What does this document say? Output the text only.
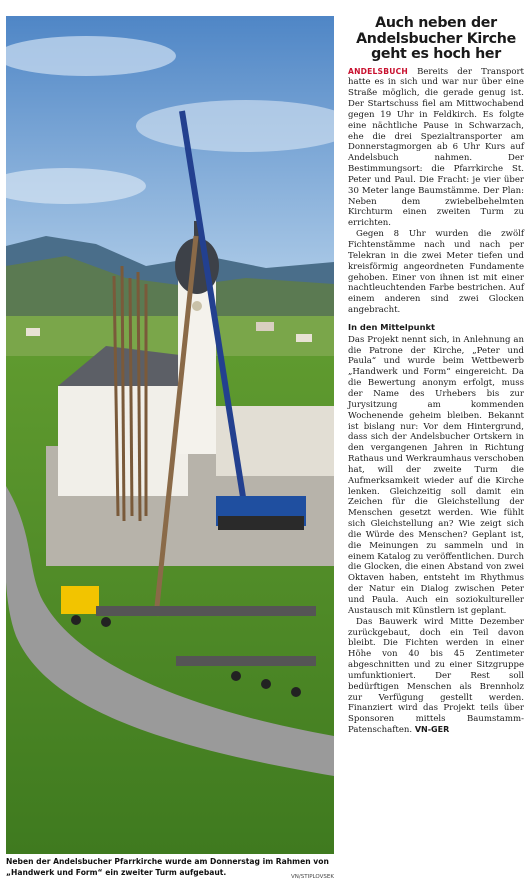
Neben der Andelsbucher Pfarrkirche wurde am Donnerstag im Rahmen von „Handwerk und Form“ ein zweiter Turm aufgebaut.	VN/STIPLOVSEK
Auch neben der Andelsbucher Kirche geht es hoch her

ANDELSBUCH Bereits der Transport hatte es in sich und war nur über eine Straße möglich, die gerade genug ist. Der Startschuss fiel am Mittwochabend gegen 19 Uhr in Feldkirch. Es folgte eine nächtliche Pause in Schwarzach, ehe die drei Spezialtransporter am Donnerstagmorgen ab 6 Uhr Kurs auf Andelsbuch nahmen. Der Bestimmungsort: die Pfarrkirche St. Peter und Paul. Die Fracht: je vier über 30 Meter lange Baumstämme. Der Plan: Neben dem zwiebelbehelmten Kirchturm einen zweiten Turm zu errichten.

Gegen 8 Uhr wurden die zwölf Fichtenstämme nach und nach per Telekran in die zwei Meter tiefen und kreisförmig angeordneten Fundamente gehoben. Einer von ihnen ist mit einer nachtleuchtenden Farbe bestrichen. Auf einem anderen sind zwei Glocken angebracht.

In den Mittelpunkt

Das Projekt nennt sich, in Anlehnung an die Patrone der Kirche, „Peter und Paula“ und wurde beim Wettbewerb „Handwerk und Form“ eingereicht. Da die Bewertung anonym erfolgt, muss der Name des Urhebers bis zur Jurysitzung am kommenden Wochenende geheim bleiben. Bekannt ist bislang nur: Vor dem Hintergrund, dass sich der Andelsbucher Ortskern in den vergangenen Jahren in Richtung Rathaus und Werkraumhaus verschoben hat, will der zweite Turm die Aufmerksamkeit wieder auf die Kirche lenken. Gleichzeitig soll damit ein Zeichen für die Gleichstellung der Menschen gesetzt werden. Wie fühlt sich Gleichstellung an? Wie zeigt sich die Würde des Menschen? Geplant ist, die Meinungen zu sammeln und in einem Katalog zu veröffentlichen. Durch die Glocken, die einen Abstand von zwei Oktaven haben, entsteht im Rhythmus der Natur ein Dialog zwischen Peter und Paula. Auch ein soziokultureller Austausch mit Künstlern ist geplant.

Das Bauwerk wird Mitte Dezember zurückgebaut, doch ein Teil davon bleibt. Die Fichten werden in einer Höhe von 40 bis 45 Zentimeter abgeschnitten und zu einer Sitzgruppe umfunktioniert. Der Rest soll bedürftigen Menschen als Brennholz zur Verfügung gestellt werden. Finanziert wird das Projekt teils über Sponsoren mittels Baumstamm-Patenschaften. VN-GER
